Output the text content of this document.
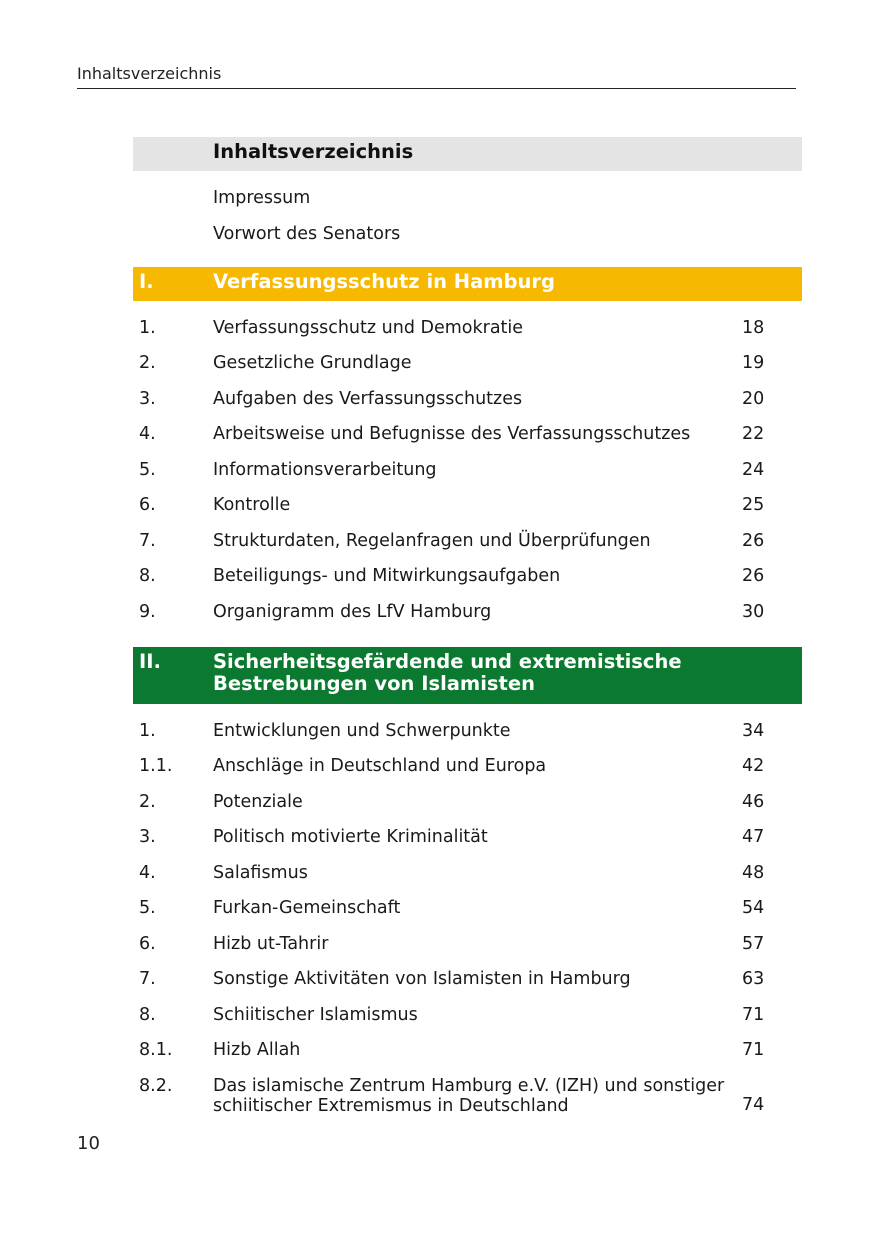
Inhaltsverzeichnis
Inhaltsverzeichnis
Impressum
Vorwort des Senators
I.	Verfassungsschutz in Hamburg
1.	Verfassungsschutz und Demokratie	18
2.	Gesetzliche Grundlage	19
3.	Aufgaben des Verfassungsschutzes	20
4.	Arbeitsweise und Befugnisse des Verfassungsschutzes	22
5.	Informationsverarbeitung	24
6.	Kontrolle	25
7.	Strukturdaten, Regelanfragen und Überprüfungen	26
8.	Beteiligungs- und Mitwirkungsaufgaben	26
9.	Organigramm des LfV Hamburg	30
II.	Sicherheitsgefärdende und extremistische
Bestrebungen von Islamisten
1.	Entwicklungen und Schwerpunkte	34
1.1.	Anschläge in Deutschland und Europa	42
2.	Potenziale	46
3.	Politisch motivierte Kriminalität	47
4.	Salafismus	48
5.	Furkan-Gemeinschaft	54
6.	Hizb ut-Tahrir	57
7.	Sonstige Aktivitäten von Islamisten in Hamburg	63
8.	Schiitischer Islamismus	71
8.1.	Hizb Allah	71
8.2.	Das islamische Zentrum Hamburg e.V. (IZH) und sonstiger
schiitischer Extremismus in Deutschland	74
10
